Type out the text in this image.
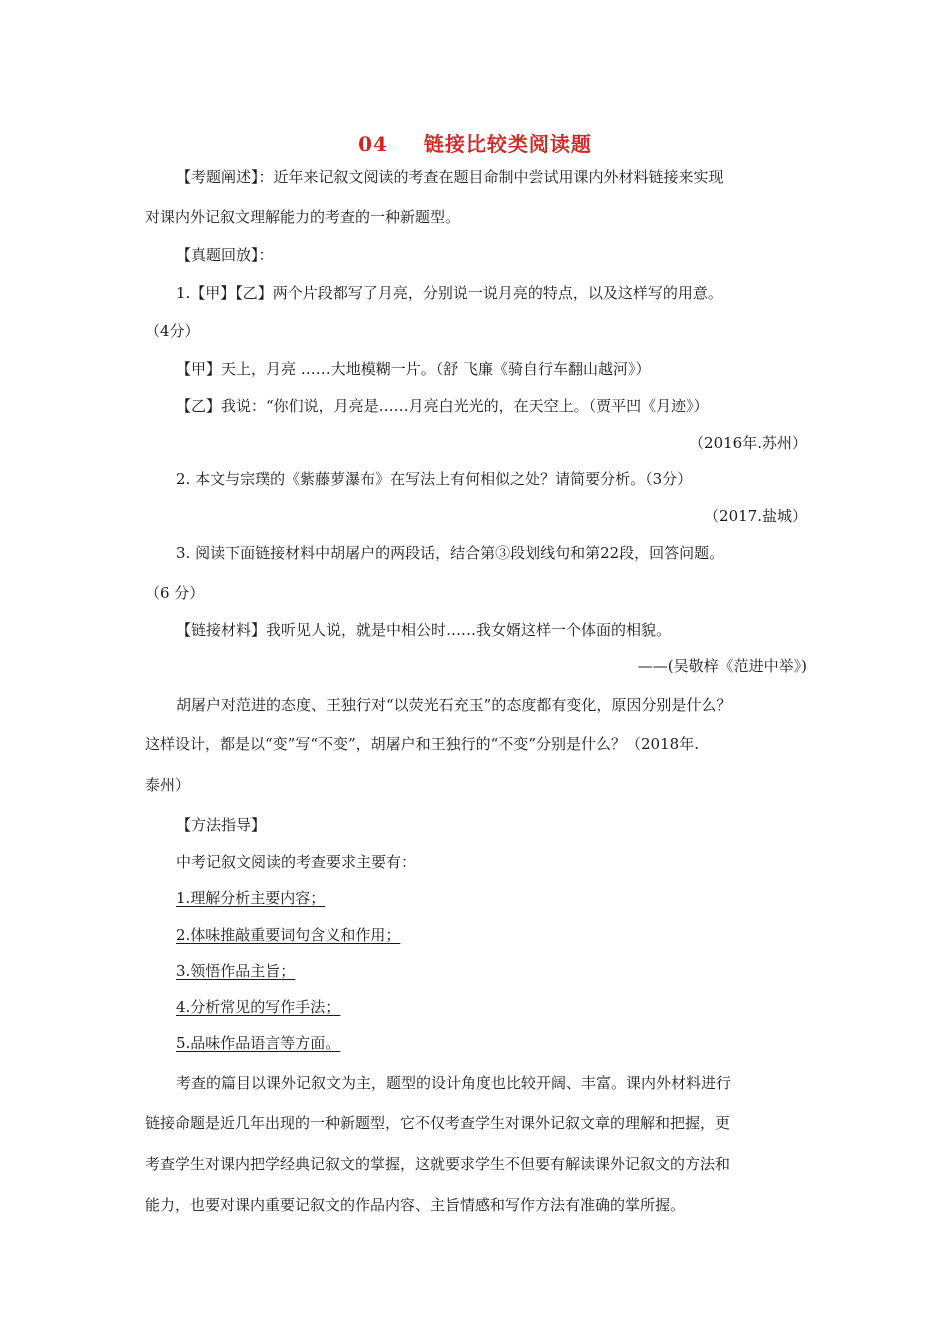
04 链接比较类阅读题
【考题阐述】：近年来记叙文阅读的考查在题目命制中尝试用课内外材料链接来实现
对课内外记叙文理解能力的考查的一种新题型。
【真题回放】：
1.【甲】【乙】两个片段都写了月亮，分别说一说月亮的特点，以及这样写的用意。
（4分）
【甲】天上，月亮 ……大地模糊一片。（舒 飞廉《骑自行车翻山越河》）
【乙】我说：“你们说，月亮是……月亮白光光的，在天空上。（贾平凹《月迹》）
（2016年.苏州）
2. 本文与宗璞的《紫藤萝瀑布》在写法上有何相似之处？请简要分析。（3分）
（2017.盐城）
3. 阅读下面链接材料中胡屠户的两段话，结合第③段划线句和第22段，回答问题。
（6 分）
【链接材料】我听见人说，就是中相公时……我女婿这样一个体面的相貌。
——(吴敬梓《范进中举》)
胡屠户对范进的态度、王独行对“以荧光石充玉”的态度都有变化，原因分别是什么？
这样设计，都是以“变”写“不变”，胡屠户和王独行的“不变”分别是什么？（2018年.
泰州）
【方法指导】
中考记叙文阅读的考查要求主要有：
1.理解分析主要内容；
2.体味推敲重要词句含义和作用；
3.领悟作品主旨；
4.分析常见的写作手法；
5.品味作品语言等方面。
考查的篇目以课外记叙文为主，题型的设计角度也比较开阔、丰富。课内外材料进行
链接命题是近几年出现的一种新题型，它不仅考查学生对课外记叙文章的理解和把握，更
考查学生对课内把学经典记叙文的掌握，这就要求学生不但要有解读课外记叙文的方法和
能力，也要对课内重要记叙文的作品内容、主旨情感和写作方法有准确的掌所握。
